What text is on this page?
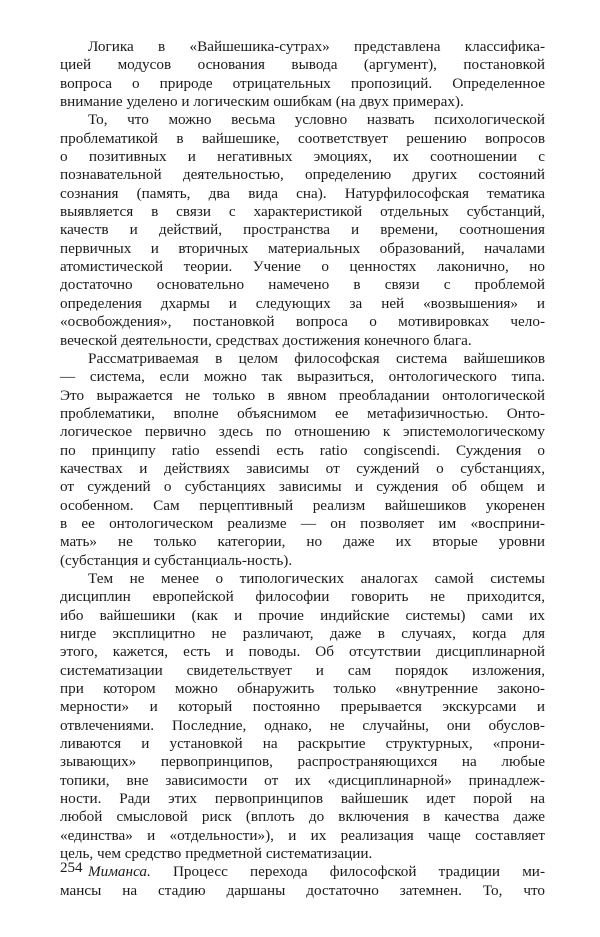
Логика в «Вайшешика-сутрах» представлена классифика-
цией модусов основания вывода (аргумент), постановкой
вопроса о природе отрицательных пропозиций. Определенное
внимание уделено и логическим ошибкам (на двух примерах).

То, что можно весьма условно назвать психологической
проблематикой в вайшешике, соответствует решению вопросов
о позитивных и негативных эмоциях, их соотношении с
познавательной деятельностью, определению других состояний
сознания (память, два вида сна). Натурфилософская тематика
выявляется в связи с характеристикой отдельных субстанций,
качеств и действий, пространства и времени, соотношения
первичных и вторичных материальных образований, началами
атомистической теории. Учение о ценностях лаконично, но
достаточно основательно намечено в связи с проблемой
определения дхармы и следующих за ней «возвышения» и
«освобождения», постановкой вопроса о мотивировках чело-
веческой деятельности, средствах достижения конечного блага.

Рассматриваемая в целом философская система вайшешиков
— система, если можно так выразиться, онтологического типа.
Это выражается не только в явном преобладании онтологической
проблематики, вполне объяснимом ее метафизичностью. Онто-
логическое первично здесь по отношению к эпистемологическому
по принципу ratio essendi есть ratio congiscendi. Суждения о
качествах и действиях зависимы от суждений о субстанциях,
от суждений о субстанциях зависимы и суждения об общем и
особенном. Сам перцептивный реализм вайшешиков укоренен
в ее онтологическом реализме — он позволяет им «восприни-
мать» не только категории, но даже их вторые уровни
(субстанция и субстанциаль-ность).

Тем не менее о типологических аналогах самой системы
дисциплин европейской философии говорить не приходится,
ибо вайшешики (как и прочие индийские системы) сами их
нигде эксплицитно не различают, даже в случаях, когда для
этого, кажется, есть и поводы. Об отсутствии дисциплинарной
систематизации свидетельствует и сам порядок изложения,
при котором можно обнаружить только «внутренние законо-
мерности» и который постоянно прерывается экскурсами и
отвлечениями. Последние, однако, не случайны, они обуслов-
ливаются и установкой на раскрытие структурных, «прони-
зывающих» первопринципов, распространяющихся на любые
топики, вне зависимости от их «дисциплинарной» принадлеж-
ности. Ради этих первопринципов вайшешик идет порой на
любой смысловой риск (вплоть до включения в качества даже
«единства» и «отдельности»), и их реализация чаще составляет
цель, чем средство предметной систематизации.

Миманса. Процесс перехода философской традиции ми-
мансы на стадию даршаны достаточно затемнен. То, что

254
